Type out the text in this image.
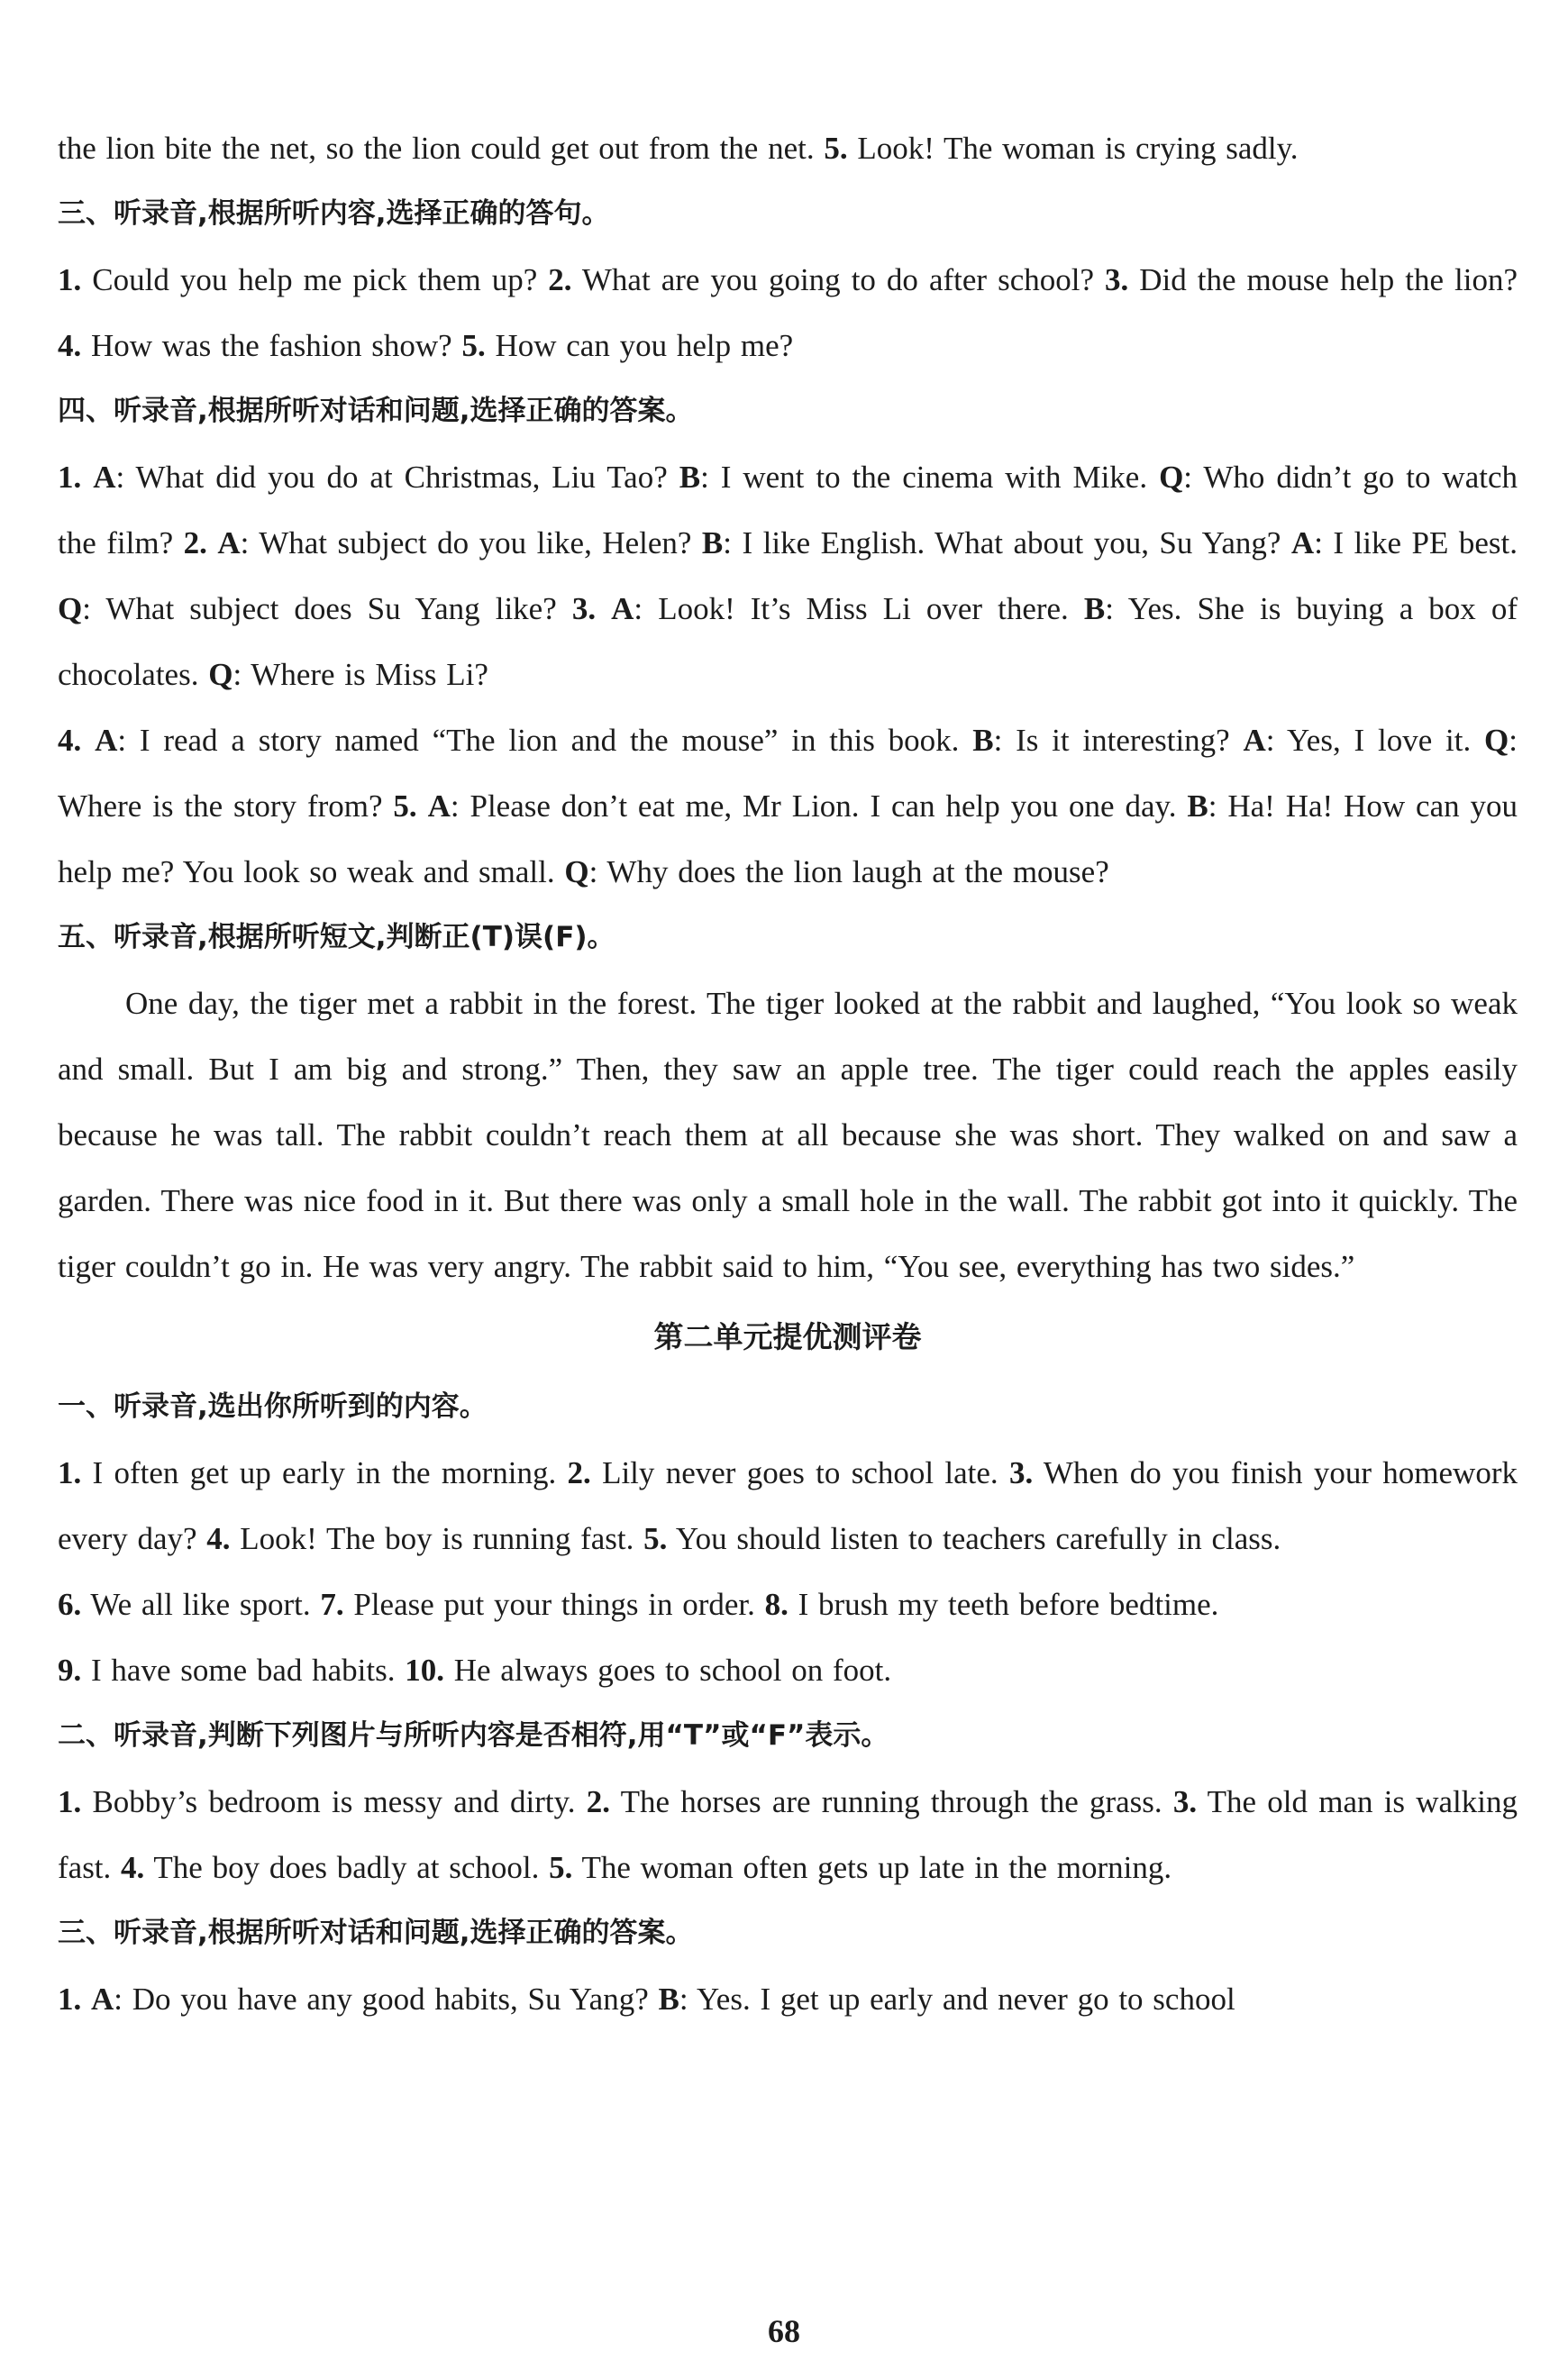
the lion bite the net, so the lion could get out from the net. 5. Look! The woman is crying sadly.

三、听录音,根据所听内容,选择正确的答句。

1. Could you help me pick them up? 2. What are you going to do after school? 3. Did the mouse help the lion? 4. How was the fashion show? 5. How can you help me?

四、听录音,根据所听对话和问题,选择正确的答案。

1. A: What did you do at Christmas, Liu Tao? B: I went to the cinema with Mike. Q: Who didn’t go to watch the film? 2. A: What subject do you like, Helen? B: I like English. What about you, Su Yang? A: I like PE best. Q: What subject does Su Yang like? 3. A: Look! It’s Miss Li over there. B: Yes. She is buying a box of chocolates. Q: Where is Miss Li?

4. A: I read a story named “The lion and the mouse” in this book. B: Is it interesting? A: Yes, I love it. Q: Where is the story from? 5. A: Please don’t eat me, Mr Lion. I can help you one day. B: Ha! Ha! How can you help me? You look so weak and small. Q: Why does the lion laugh at the mouse?

五、听录音,根据所听短文,判断正(T)误(F)。

One day, the tiger met a rabbit in the forest. The tiger looked at the rabbit and laughed, “You look so weak and small. But I am big and strong.” Then, they saw an apple tree. The tiger could reach the apples easily because he was tall. The rabbit couldn’t reach them at all because she was short. They walked on and saw a garden. There was nice food in it. But there was only a small hole in the wall. The rabbit got into it quickly. The tiger couldn’t go in. He was very angry. The rabbit said to him, “You see, everything has two sides.”

第二单元提优测评卷

一、听录音,选出你所听到的内容。

1. I often get up early in the morning. 2. Lily never goes to school late. 3. When do you finish your homework every day? 4. Look! The boy is running fast. 5. You should listen to teachers carefully in class.

6. We all like sport. 7. Please put your things in order. 8. I brush my teeth before bedtime.

9. I have some bad habits. 10. He always goes to school on foot.

二、听录音,判断下列图片与所听内容是否相符,用“T”或“F”表示。

1. Bobby’s bedroom is messy and dirty. 2. The horses are running through the grass. 3. The old man is walking fast. 4. The boy does badly at school. 5. The woman often gets up late in the morning.

三、听录音,根据所听对话和问题,选择正确的答案。

1. A: Do you have any good habits, Su Yang? B: Yes. I get up early and never go to school

68
